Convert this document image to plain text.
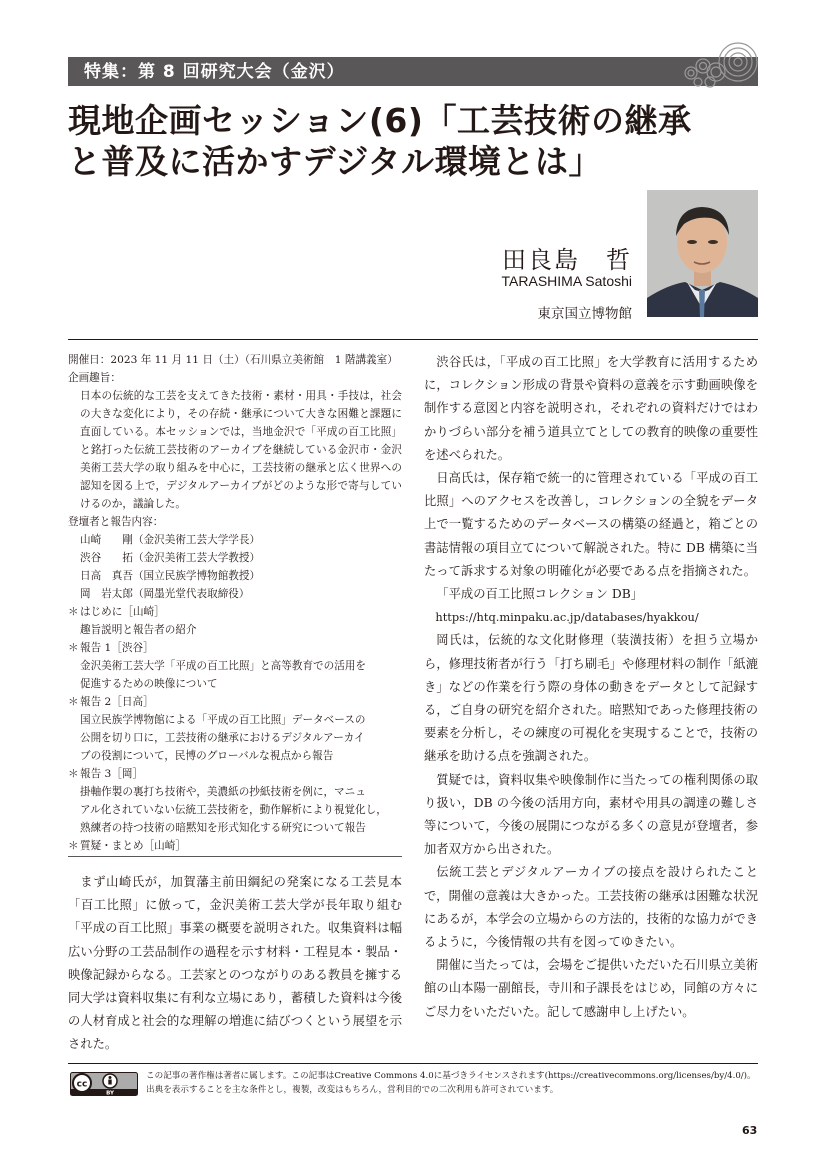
特集：第 8 回研究大会（金沢）
現地企画セッション(6)「工芸技術の継承
と普及に活かすデジタル環境とは」
田良島　哲
TARASHIMA Satoshi
東京国立博物館
開催日：2023 年 11 月 11 日（土）（石川県立美術館　1 階講義室）
企画趣旨：
日本の伝統的な工芸を支えてきた技術・素材・用具・手技は，社会の大きな変化により，その存続・継承について大きな困難と課題に直面している。本セッションでは，当地金沢で「平成の百工比照」と銘打った伝統工芸技術のアーカイブを継続している金沢市・金沢美術工芸大学の取り組みを中心に，工芸技術の継承と広く世界への認知を図る上で，デジタルアーカイブがどのような形で寄与していけるのか，議論した。
登壇者と報告内容：
山崎　　剛（金沢美術工芸大学学長）
渋谷　　拓（金沢美術工芸大学教授）
日高　真吾（国立民族学博物館教授）
岡　岩太郎（岡墨光堂代表取締役）
＊はじめに［山崎］
趣旨説明と報告者の紹介
＊報告 1［渋谷］
金沢美術工芸大学「平成の百工比照」と高等教育での活用を
促進するための映像について
＊報告 2［日高］
国立民族学博物館による「平成の百工比照」データベースの
公開を切り口に，工芸技術の継承におけるデジタルアーカイ
ブの役割について，民博のグローバルな視点から報告
＊報告 3［岡］
掛軸作製の裏打ち技術や，美濃紙の抄紙技術を例に，マニュ
アル化されていない伝統工芸技術を，動作解析により視覚化し，
熟練者の持つ技術の暗黙知を形式知化する研究について報告
＊質疑・まとめ［山崎］

まず山崎氏が，加賀藩主前田綱紀の発案になる工芸見本「百工比照」に倣って，金沢美術工芸大学が長年取り組む「平成の百工比照」事業の概要を説明された。収集資料は幅広い分野の工芸品制作の過程を示す材料・工程見本・製品・映像記録からなる。工芸家とのつながりのある教員を擁する同大学は資料収集に有利な立場にあり，蓄積した資料は今後の人材育成と社会的な理解の増進に結びつくという展望を示された。

渋谷氏は，「平成の百工比照」を大学教育に活用するために，コレクション形成の背景や資料の意義を示す動画映像を制作する意図と内容を説明され，それぞれの資料だけではわかりづらい部分を補う道具立てとしての教育的映像の重要性を述べられた。

日高氏は，保存箱で統一的に管理されている「平成の百工比照」へのアクセスを改善し，コレクションの全貌をデータ上で一覧するためのデータベースの構築の経過と，箱ごとの書誌情報の項目立てについて解説された。特に DB 構築に当たって訴求する対象の明確化が必要である点を指摘された。

「平成の百工比照コレクション DB」

https://htq.minpaku.ac.jp/databases/hyakkou/

岡氏は，伝統的な文化財修理（装潢技術）を担う立場から，修理技術者が行う「打ち刷毛」や修理材料の制作「紙漉き」などの作業を行う際の身体の動きをデータとして記録する，ご自身の研究を紹介された。暗黙知であった修理技術の要素を分析し，その練度の可視化を実現することで，技術の継承を助ける点を強調された。

質疑では，資料収集や映像制作に当たっての権利関係の取り扱い，DB の今後の活用方向，素材や用具の調達の難しさ等について，今後の展開につながる多くの意見が登壇者，参加者双方から出された。

伝統工芸とデジタルアーカイブの接点を設けられたことで，開催の意義は大きかった。工芸技術の継承は困難な状況にあるが，本学会の立場からの方法的，技術的な協力ができるように，今後情報の共有を図ってゆきたい。

開催に当たっては，会場をご提供いただいた石川県立美術館の山本陽一副館長，寺川和子課長をはじめ，同館の方々にご尽力をいただいた。記して感謝申し上げたい。

cc
BY
この記事の著作権は著者に属します。この記事はCreative Commons 4.0に基づきライセンスされます(https://creativecommons.org/licenses/by/4.0/)。出典を表示することを主な条件とし，複製，改変はもちろん，営利目的での二次利用も許可されています。
63
